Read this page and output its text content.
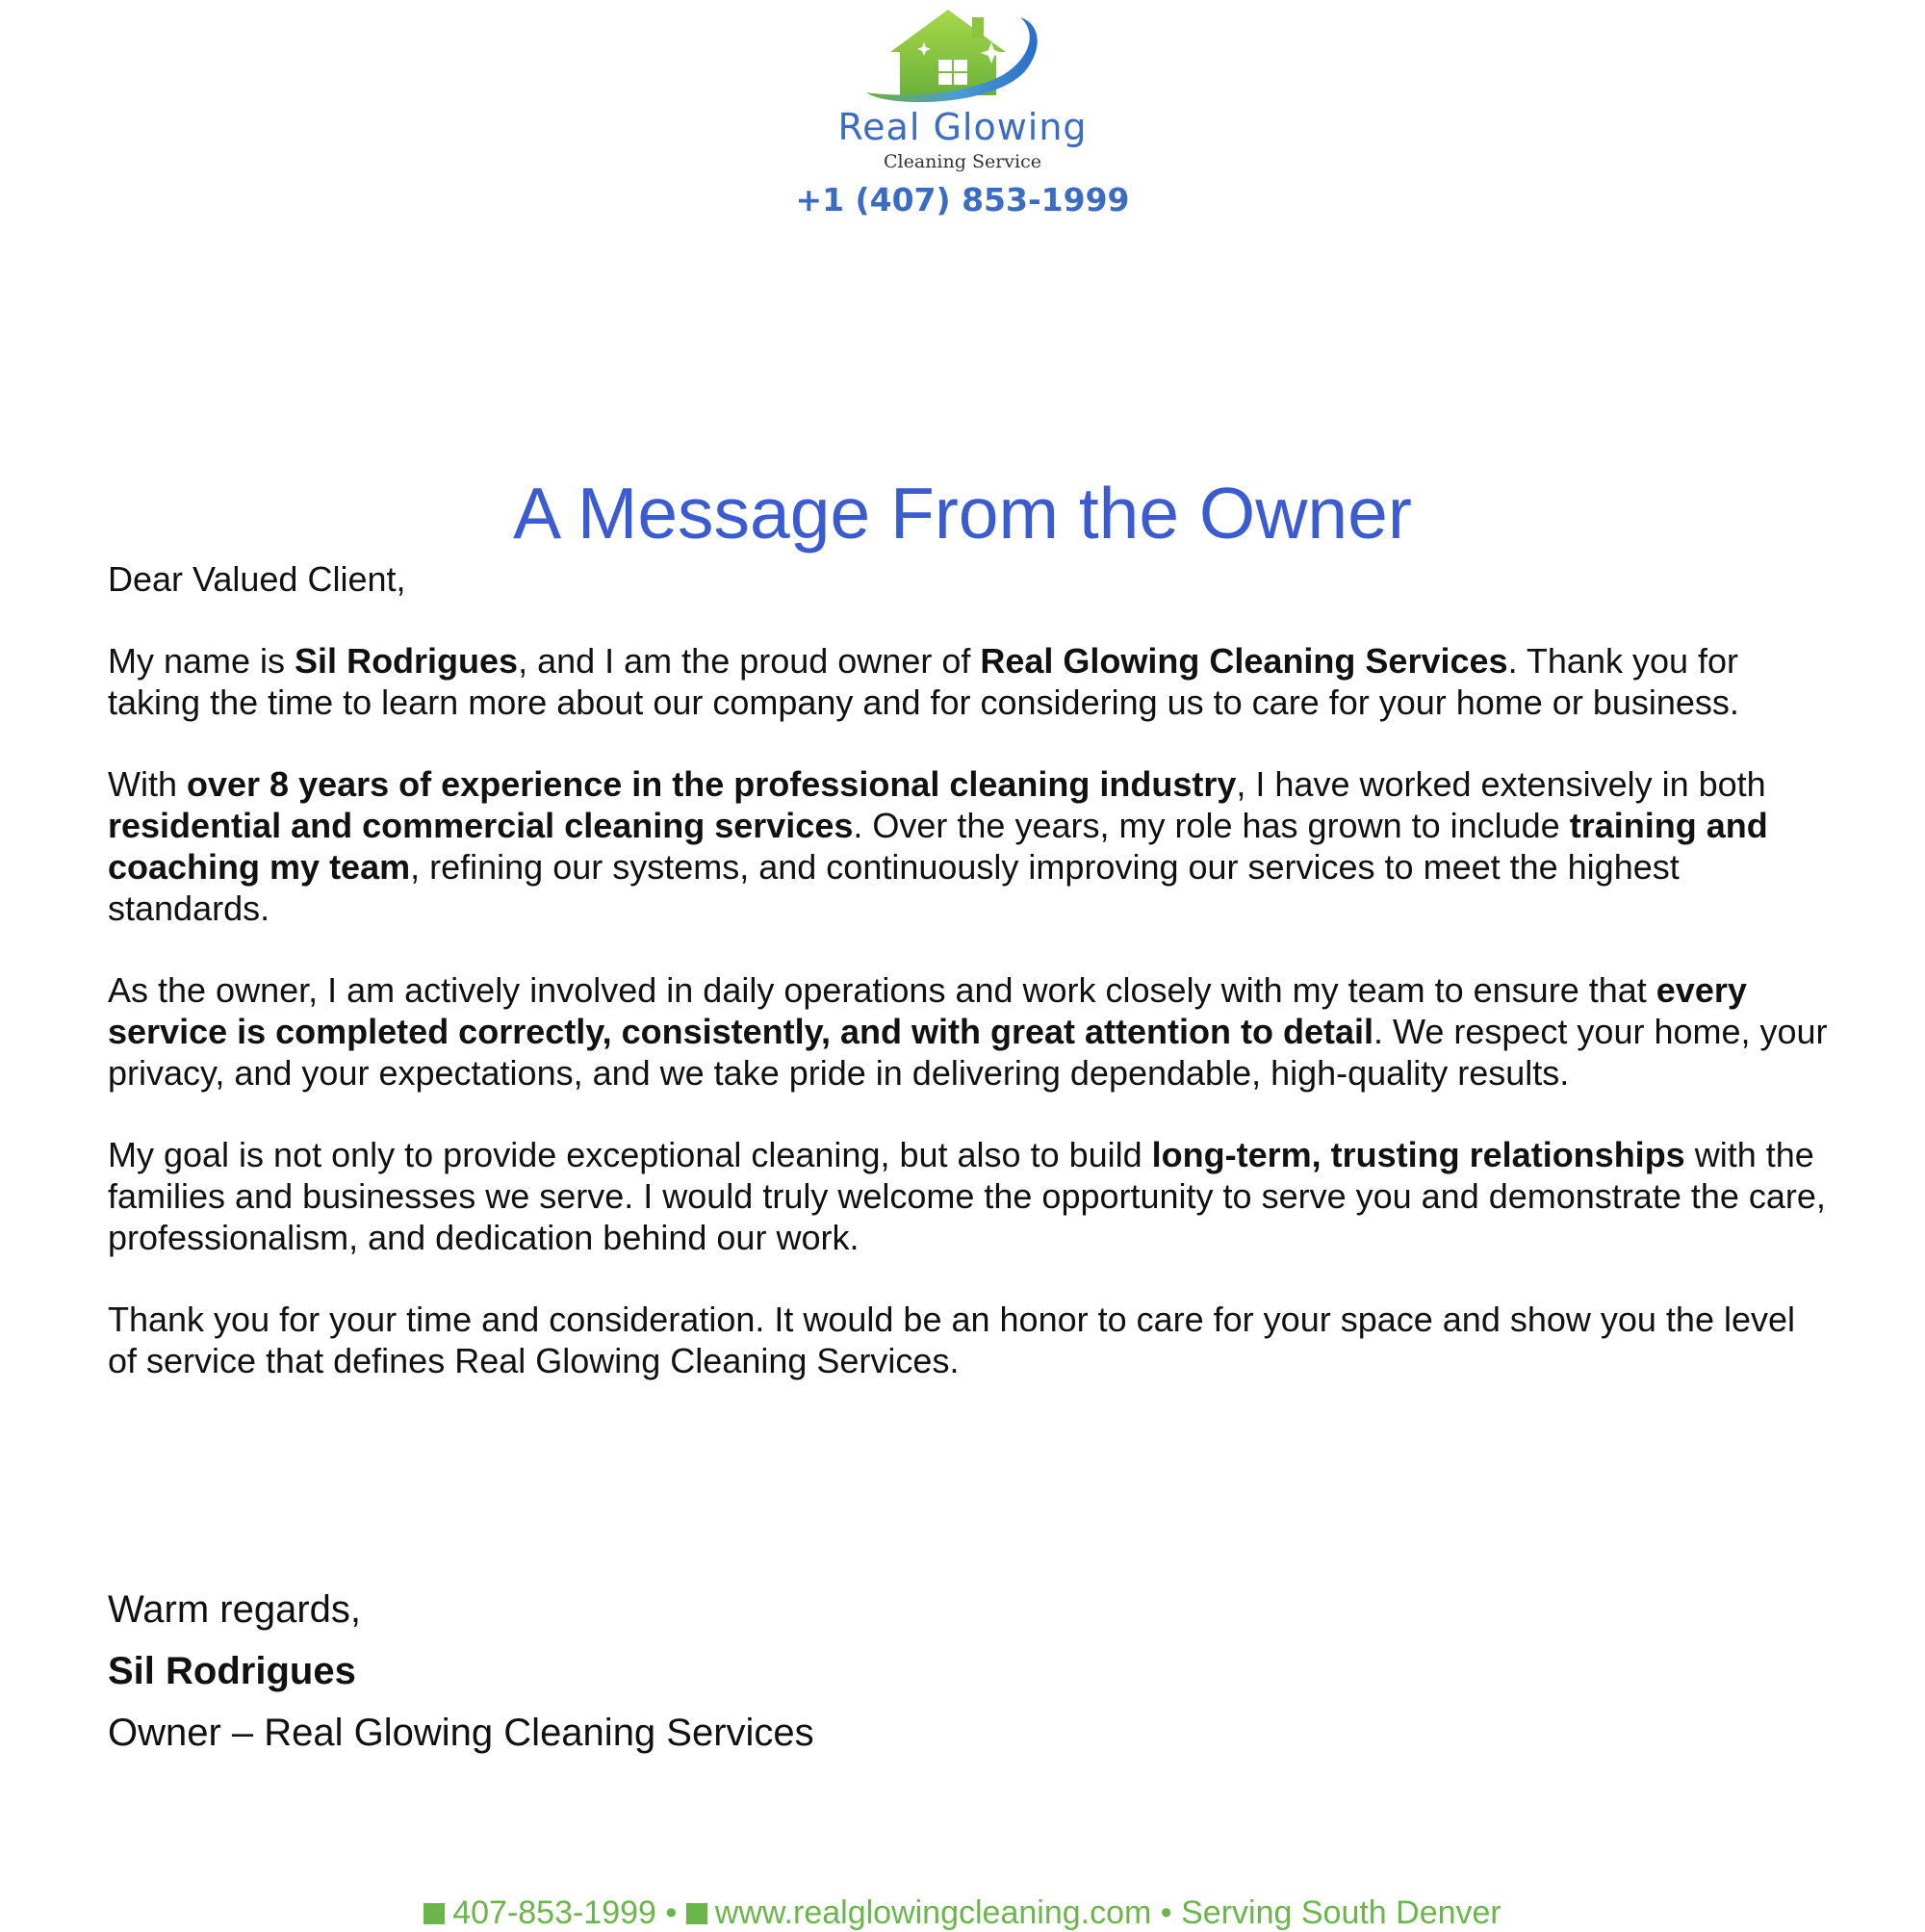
Real Glowing
Cleaning Service
+1 (407) 853-1999
A Message From the Owner

Dear Valued Client,

My name is Sil Rodrigues, and I am the proud owner of Real Glowing Cleaning Services. Thank you for taking the time to learn more about our company and for considering us to care for your home or business.

With over 8 years of experience in the professional cleaning industry, I have worked extensively in both residential and commercial cleaning services. Over the years, my role has grown to include training and coaching my team, refining our systems, and continuously improving our services to meet the highest standards.

As the owner, I am actively involved in daily operations and work closely with my team to ensure that every service is completed correctly, consistently, and with great attention to detail. We respect your home, your privacy, and your expectations, and we take pride in delivering dependable, high-quality results.

My goal is not only to provide exceptional cleaning, but also to build long-term, trusting relationships with the families and businesses we serve. I would truly welcome the opportunity to serve you and demonstrate the care, professionalism, and dedication behind our work.

Thank you for your time and consideration. It would be an honor to care for your space and show you the level of service that defines Real Glowing Cleaning Services.

Warm regards,
Sil Rodrigues
Owner – Real Glowing Cleaning Services
407-853-1999 • www.realglowingcleaning.com • Serving South Denver
